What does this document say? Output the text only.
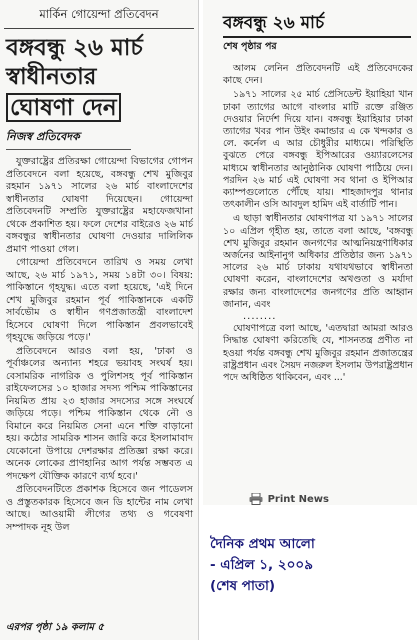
মার্কিন গোয়েন্দা প্রতিবেদন
বঙ্গবন্ধু ২৬ মার্চ
স্বাধীনতার
ঘোষণা দেন
নিজস্ব প্রতিবেদক

যুক্তরাষ্ট্রের প্রতিরক্ষা গোয়েন্দা বিভাগের গোপন প্রতিবেদনে বলা হয়েছে, বঙ্গবন্ধু শেখ মুজিবুর রহমান ১৯৭১ সালের ২৬ মার্চ বাংলাদেশের স্বাধীনতার ঘোষণা দিয়েছেন। গোয়েন্দা প্রতিবেদনটি সম্প্রতি যুক্তরাষ্ট্রের মহাফেজখানা থেকে প্রকাশিত হয়। ফলে দেশের বাইরেও ২৬ মার্চ বঙ্গবন্ধুর স্বাধীনতার ঘোষণা দেওয়ার দালিলিক প্রমাণ পাওয়া গেল।

গোয়েন্দা প্রতিবেদনে তারিখ ও সময় লেখা আছে, ২৬ মার্চ ১৯৭১, সময় ১৪টা ৩০। বিষয়: পাকিস্তানে গৃহযুদ্ধ। এতে বলা হয়েছে, 'এই দিনে শেখ মুজিবুর রহমান পূর্ব পাকিস্তানকে একটি সার্বভৌম ও স্বাধীন গণপ্রজাতন্ত্রী বাংলাদেশ হিসেবে ঘোষণা দিলে পাকিস্তান প্রবলভাবেই গৃহযুদ্ধে জড়িয়ে পড়ে।'

প্রতিবেদনে আরও বলা হয়, 'ঢাকা ও পূর্বাঞ্চলের অন্যান্য শহরে ভয়াবহ সংঘর্ষ হয়। বেসামরিক নাগরিক ও পুলিশসহ পূর্ব পাকিস্তান রাইফেলসের ১০ হাজার সদস্য পশ্চিম পাকিস্তানের নিয়মিত প্রায় ২৩ হাজার সদস্যের সঙ্গে সংঘর্ষে জড়িয়ে পড়ে। পশ্চিম পাকিস্তান থেকে নৌ ও বিমানে করে নিয়মিত সেনা এনে শক্তি বাড়ানো হয়। কঠোর সামরিক শাসন জারি করে ইসলামাবাদ যেকোনো উপায়ে দেশরক্ষার প্রতিজ্ঞা রক্ষা করে। অনেক লোকের প্রাণহানির আগ পর্যন্ত সম্ভবত এ পদক্ষেপ যৌক্তিক কারণে ব্যর্থ হবে।'

প্রতিবেদনটিতে প্রকাশক হিসেবে জন পাডেলস ও প্রস্তুতকারক হিসেবে জন ডি হান্টের নাম লেখা আছে। আওয়ামী লীগের তথ্য ও গবেষণা সম্পাদক নূহ উল

এরপর পৃষ্ঠা ১৯ কলাম ৫
বঙ্গবন্ধু ২৬ মার্চ
শেষ পৃষ্ঠার পর

আলম লেনিন প্রতিবেদনটি এই প্রতিবেদকের কাছে দেন।

১৯৭১ সালের ২৫ মার্চ প্রেসিডেন্ট ইয়াহিয়া খান ঢাকা ত্যাগের আগে বাংলার মাটি রক্তে রঞ্জিত দেওয়ার নির্দেশ দিয়ে যান। বঙ্গবন্ধু ইয়াহিয়ার ঢাকা ত্যাগের খবর পান উইং কমান্ডার এ কে খন্দকার ও লে. কর্নেল এ আর চৌধুরীর মাধ্যমে। পরিস্থিতি বুঝতে পেরে বঙ্গবন্ধু ইপিআরের ওয়্যারলেসের মাধ্যমে স্বাধীনতার আনুষ্ঠানিক ঘোষণা পাঠিয়ে দেন। পরদিন ২৬ মার্চ এই ঘোষণা সব থানা ও ইপিআর ক্যাম্পগুলোতে পৌঁছে যায়। শাহজাদপুর থানার তৎকালীন ওসি আবদুল হামিদ এই বার্তাটি পান।

এ ছাড়া স্বাধীনতার ঘোষণাপত্র যা ১৯৭১ সালের ১০ এপ্রিল গৃহীত হয়, তাতে বলা আছে, 'বঙ্গবন্ধু শেখ মুজিবুর রহমান জনগণের আত্মনিয়ন্ত্রণাধিকার অর্জনের আইনানুগ অধিকার প্রতিষ্ঠার জন্য ১৯৭১ সালের ২৬ মার্চ ঢাকায় যথাযথভাবে স্বাধীনতা ঘোষণা করেন, বাংলাদেশের অখণ্ডতা ও মর্যাদা রক্ষার জন্য বাংলাদেশের জনগণের প্রতি আহ্বান জানান, এবং

........

ঘোষণাপত্রে বলা আছে, 'এতদ্বারা আমরা আরও সিদ্ধান্ত ঘোষণা করিতেছি যে, শাসনতন্ত্র প্রণীত না হওয়া পর্যন্ত বঙ্গবন্ধু শেখ মুজিবুর রহমান প্রজাতন্ত্রের রাষ্ট্রপ্রধান এবং সৈয়দ নজরুল ইসলাম উপরাষ্ট্রপ্রধান পদে অধিষ্ঠিত থাকিবেন, এবং ...'

Print News
দৈনিক প্রথম আলো
- এপ্রিল ১, ২০০৯
(শেষ পাতা)
